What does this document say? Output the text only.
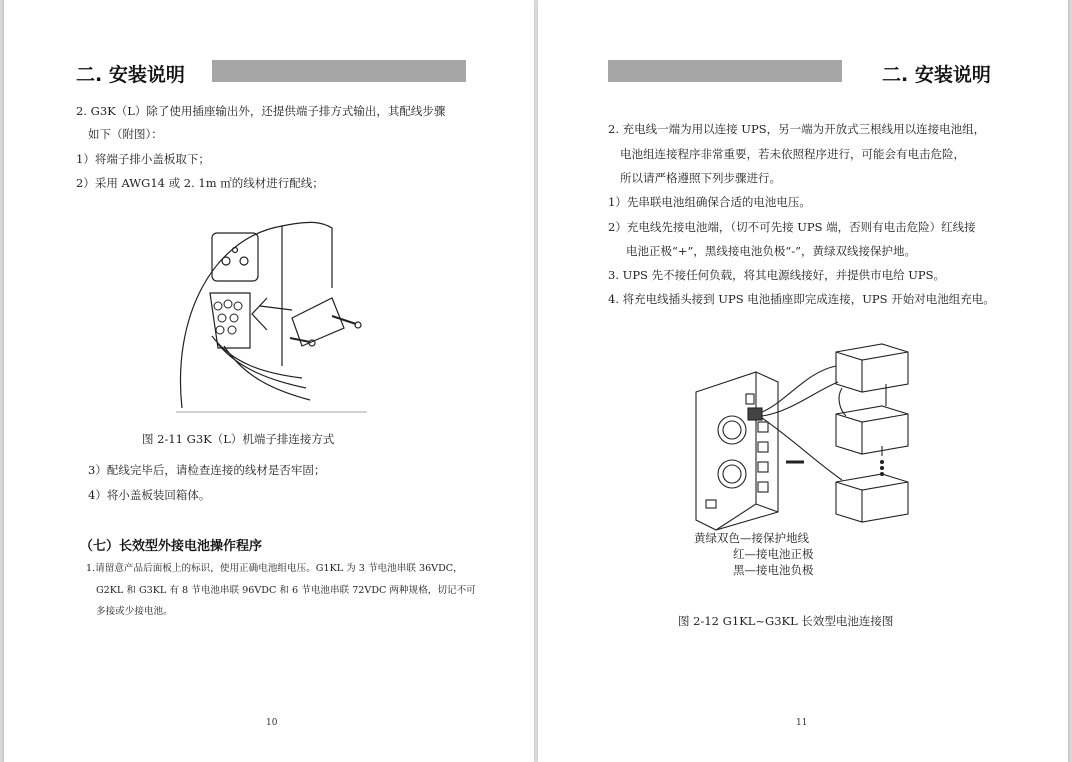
二. 安装说明
2. G3K（L）除了使用插座输出外，还提供端子排方式输出，其配线步骤
如下（附图）：
1）将端子排小盖板取下；
2）采用 AWG14 或 2. 1m ㎡的线材进行配线；
图 2-11 G3K（L）机端子排连接方式
3）配线完毕后，请检查连接的线材是否牢固；
4）将小盖板装回箱体。
（七）长效型外接电池操作程序
1.请留意产品后面板上的标识，使用正确电池组电压。G1KL 为 3 节电池串联 36VDC，
G2KL 和 G3KL 有 8 节电池串联 96VDC 和 6 节电池串联 72VDC 两种规格，切记不可
多接或少接电池。
10
二. 安装说明
2. 充电线一端为用以连接 UPS，另一端为开放式三根线用以连接电池组，
电池组连接程序非常重要，若未依照程序进行，可能会有电击危险，
所以请严格遵照下列步骤进行。
1）先串联电池组确保合适的电池电压。
2）充电线先接电池端，（切不可先接 UPS 端，否则有电击危险）红线接
电池正极“+”，黑线接电池负极“-”，黄绿双线接保护地。
3. UPS 先不接任何负载，将其电源线接好，并提供市电给 UPS。
4. 将充电线插头接到 UPS 电池插座即完成连接，UPS 开始对电池组充电。
黄绿双色—接保护地线
红—接电池正极
黑—接电池负极
图 2-12 G1KL~G3KL 长效型电池连接图
11
